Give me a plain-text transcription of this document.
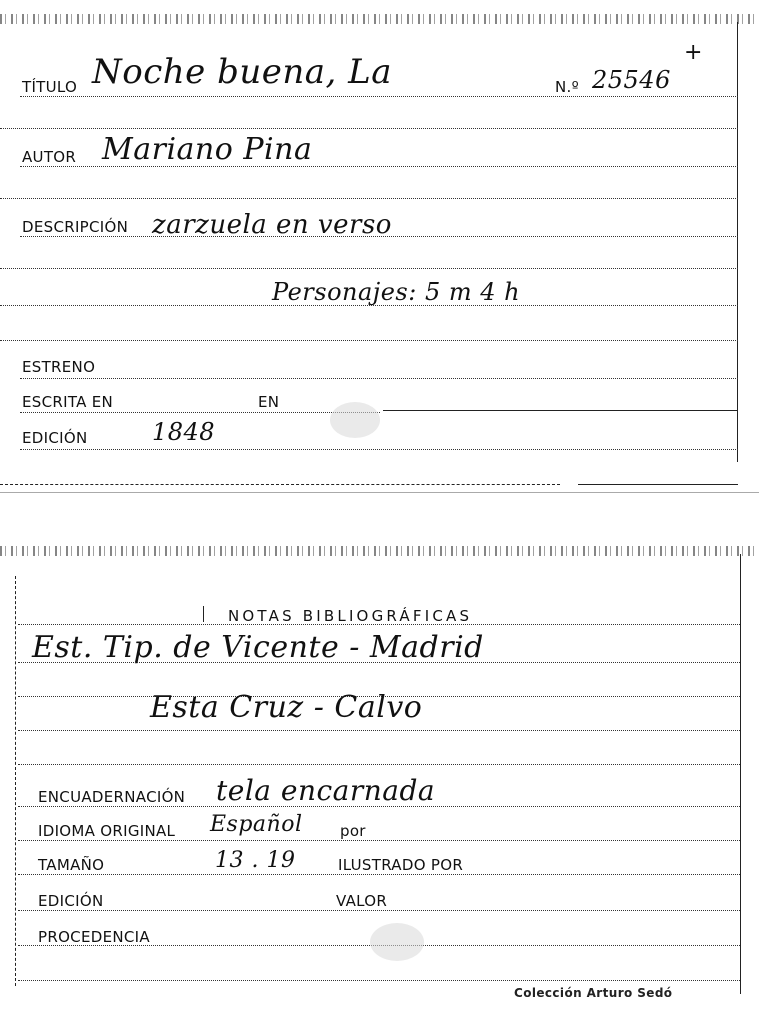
TÍTULO Noche buena, La	N.º 25546
+
AUTOR Mariano Pina
DESCRIPCIÓN zarzuela en verso
Personajes: 5 m 4 h
ESTRENO
ESCRITA EN	EN
EDICIÓN	1848
NOTAS BIBLIOGRÁFICAS
Est. Tip. de Vicente - Madrid
Esta Cruz - Calvo
ENCUADERNACIÓN tela encarnada
IDIOMA ORIGINAL Español	por
TAMAÑO	13 . 19	ILUSTRADO POR
EDICIÓN	VALOR
PROCEDENCIA
Colección Arturo Sedó
